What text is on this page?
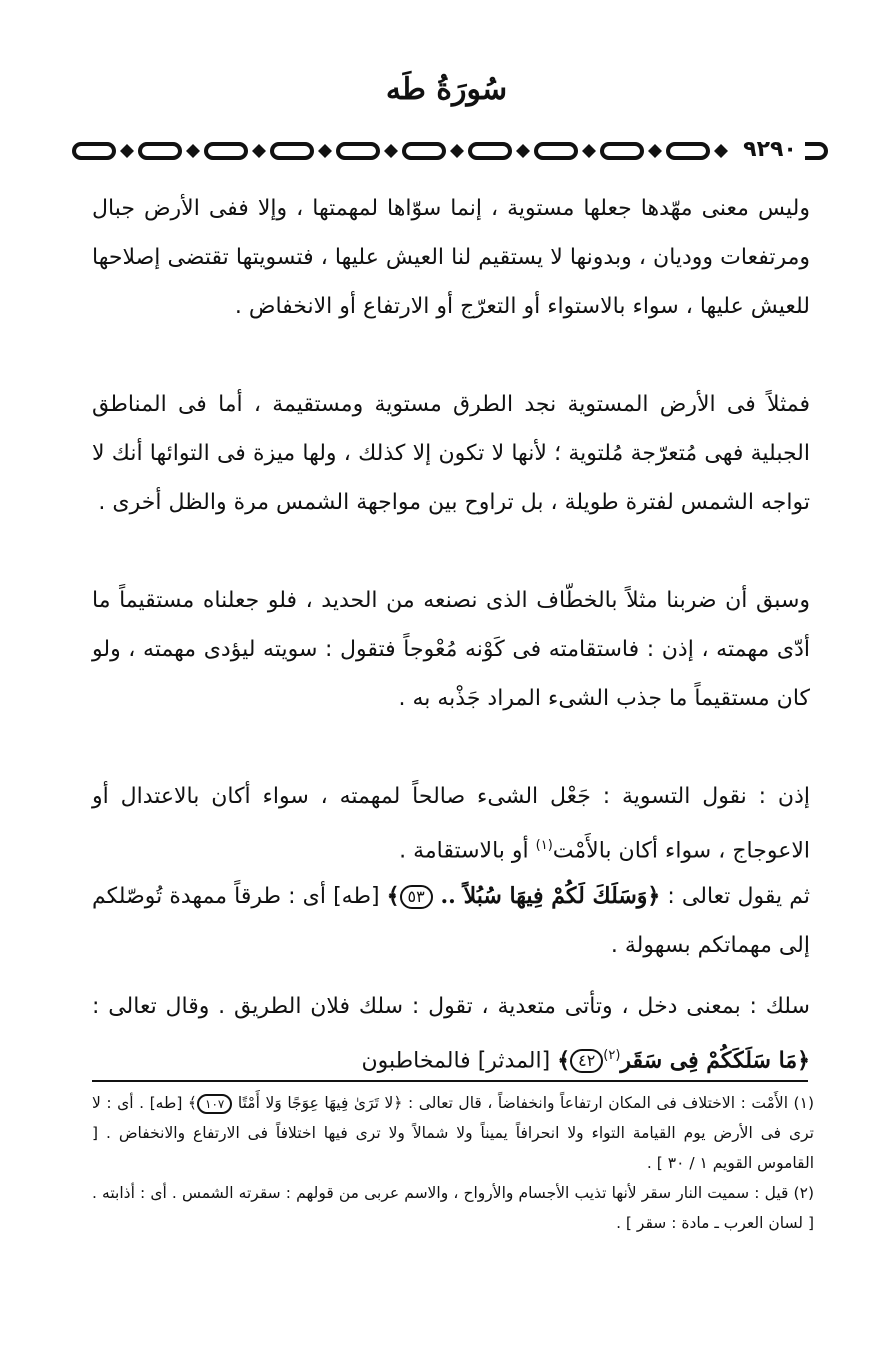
سُورَةُ طَه
٩٢٩٠

وليس معنى مهّدها جعلها مستوية ، إنما سوّاها لمهمتها ، وإلا ففى الأرض جبال ومرتفعات ووديان ، وبدونها لا يستقيم لنا العيش عليها ، فتسويتها تقتضى إصلاحها للعيش عليها ، سواء بالاستواء أو التعرّج أو الارتفاع أو الانخفاض .

فمثلاً فى الأرض المستوية نجد الطرق مستوية ومستقيمة ، أما فى المناطق الجبلية فهى مُتعرّجة مُلتوية ؛ لأنها لا تكون إلا كذلك ، ولها ميزة فى التوائها أنك لا تواجه الشمس لفترة طويلة ، بل تراوح بين مواجهة الشمس مرة والظل أخرى .

وسبق أن ضربنا مثلاً بالخطّاف الذى نصنعه من الحديد ، فلو جعلناه مستقيماً ما أدّى مهمته ، إذن : فاستقامته فى كَوْنه مُعْوجاً فتقول : سويته ليؤدى مهمته ، ولو كان مستقيماً ما جذب الشىء المراد جَذْبه به .

إذن : نقول التسوية : جَعْل الشىء صالحاً لمهمته ، سواء أكان بالاعتدال أو الاعوجاج ، سواء أكان بالأَمْت$^{(١)}$ أو بالاستقامة .

ثم يقول تعالى : ﴿وَسَلَكَ لَكُمْ فِيهَا سُبُلاً .. ٥٣﴾ [طه] أى : طرقاً ممهدة تُوصّلكم إلى مهماتكم بسهولة .

سلك : بمعنى دخل ، وتأتى متعدية ، تقول : سلك فلان الطريق . وقال تعالى : ﴿مَا سَلَكَكُمْ فِى سَقَر$^{(٢)}$٤٢﴾ [المدثر] فالمخاطبون

(١) الأَمْت : الاختلاف فى المكان ارتفاعاً وانخفاضاً ، قال تعالى : ﴿لا تَرَىٰ فِيهَا عِوَجًا وَلا أَمْتًا ١٠٧﴾ [طه] . أى : لا ترى فى الأرض يوم القيامة التواء ولا انحرافاً يميناً ولا شمالاً ولا ترى فيها اختلافاً فى الارتفاع والانخفاض . [ القاموس القويم ١ / ٣٠ ] .

(٢) قيل : سميت النار سقر لأنها تذيب الأجسام والأرواح ، والاسم عربى من قولهم : سقرته الشمس . أى : أذابته . [ لسان العرب ـ مادة : سقر ] .
